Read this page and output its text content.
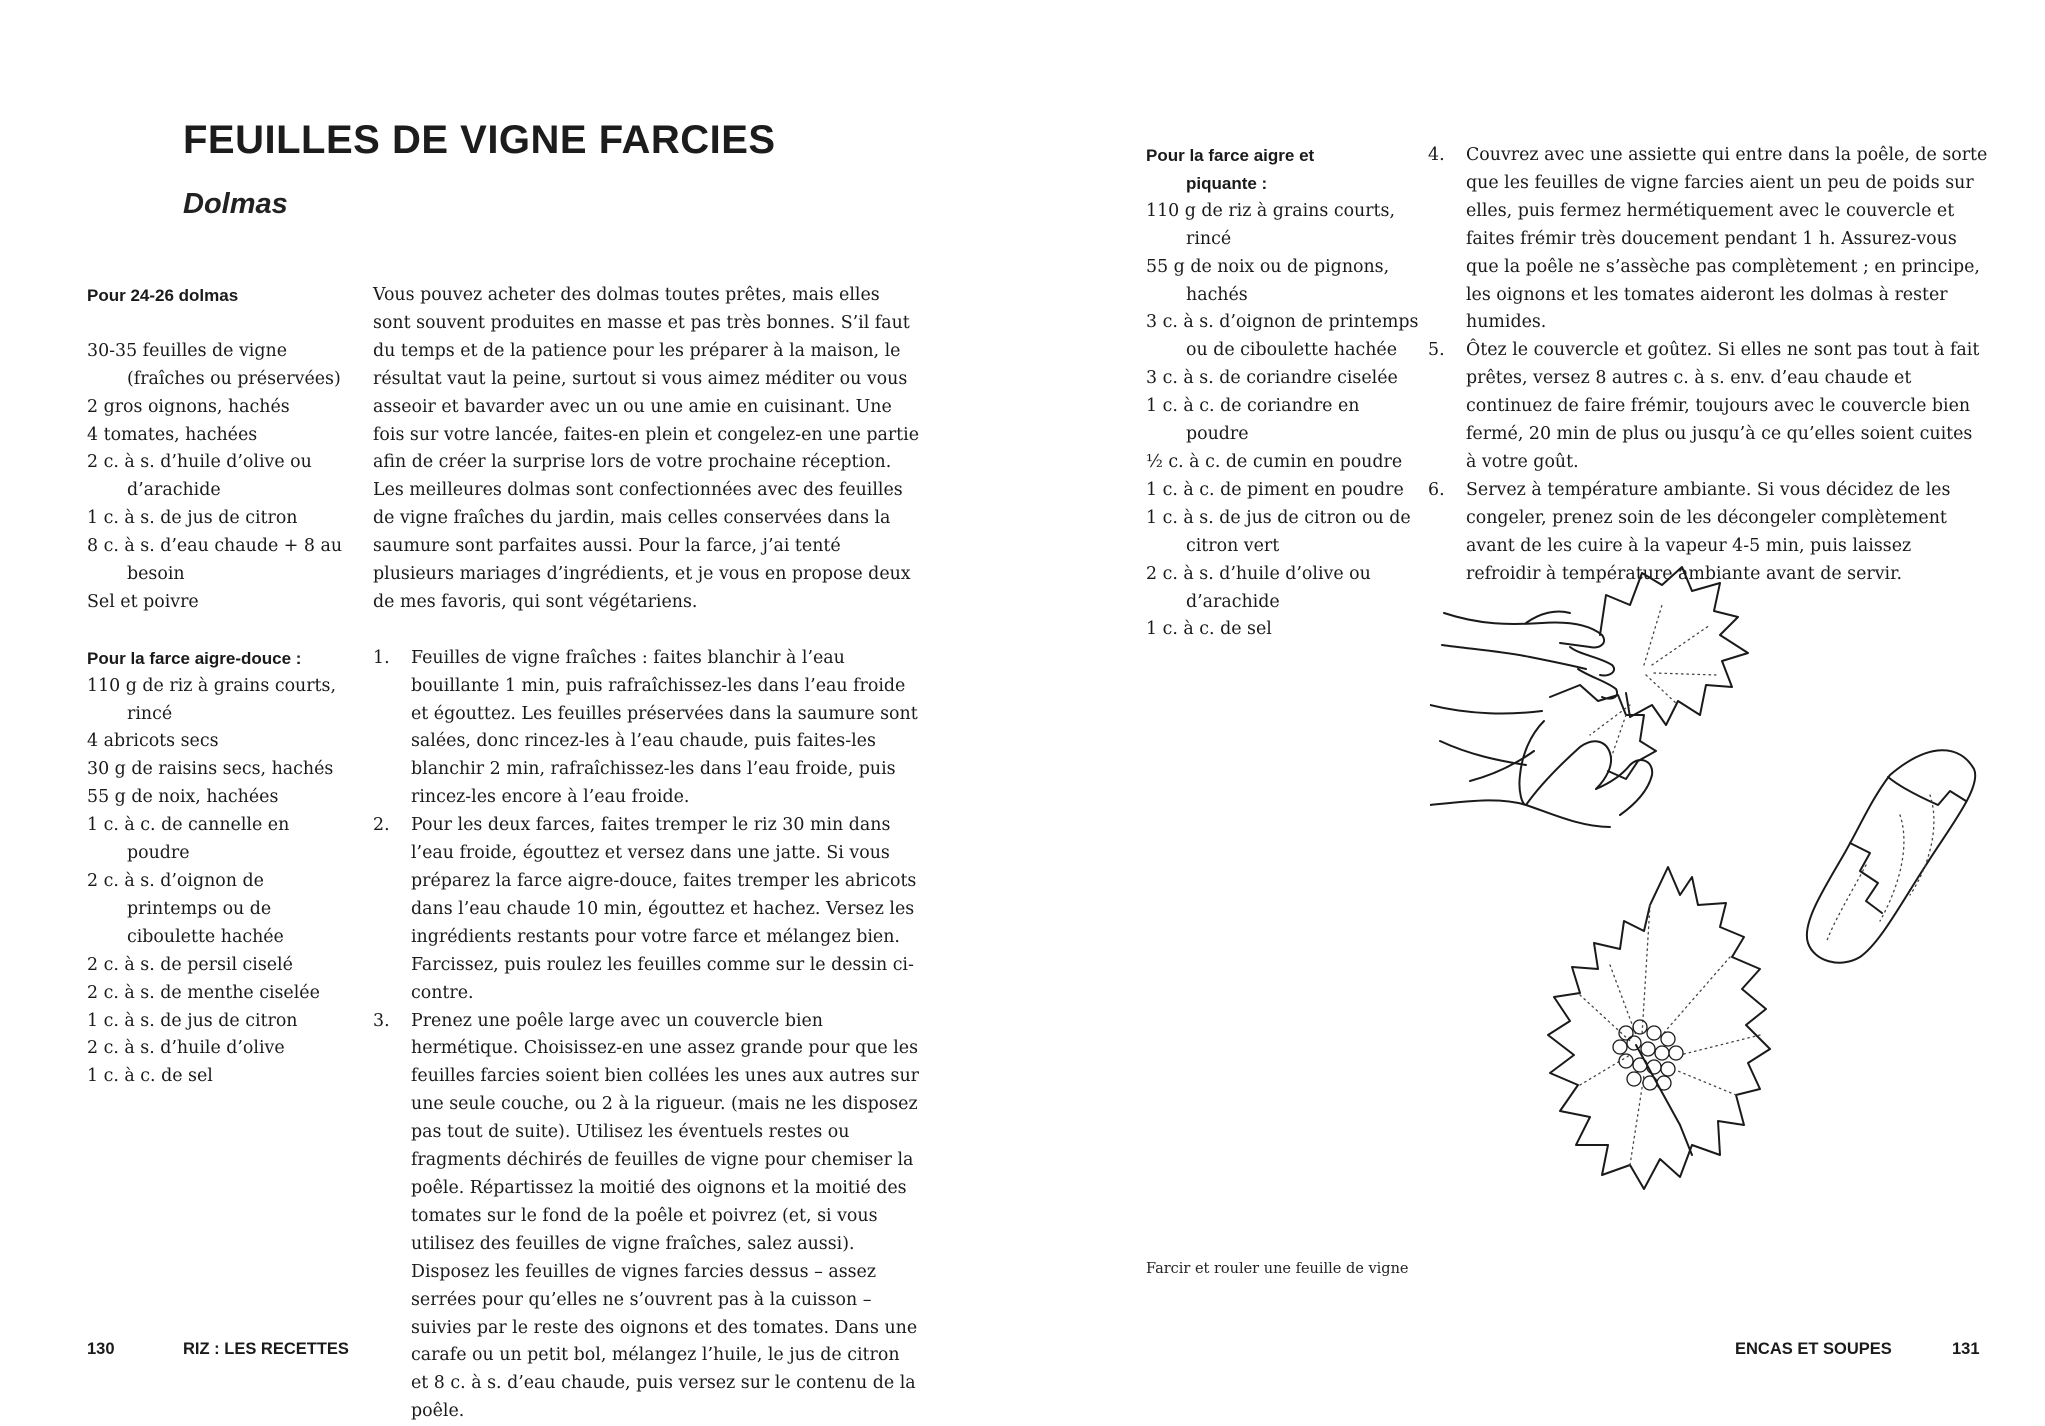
FEUILLES DE VIGNE FARCIES
Dolmas

Pour 24-26 dolmas

30-35 feuilles de vigne (fraîches ou préservées)

2 gros oignons, hachés

4 tomates, hachées

2 c. à s. d’huile d’olive ou d’arachide

1 c. à s. de jus de citron

8 c. à s. d’eau chaude + 8 au besoin

Sel et poivre

Pour la farce aigre-douce :

110 g de riz à grains courts, rincé

4 abricots secs

30 g de raisins secs, hachés

55 g de noix, hachées

1 c. à c. de cannelle en poudre

2 c. à s. d’oignon de printemps ou de ciboulette hachée

2 c. à s. de persil ciselé

2 c. à s. de menthe ciselée

1 c. à s. de jus de citron

2 c. à s. d’huile d’olive

1 c. à c. de sel

Vous pouvez acheter des dolmas toutes prêtes, mais elles sont souvent produites en masse et pas très bonnes. S’il faut du temps et de la patience pour les préparer à la maison, le résultat vaut la peine, surtout si vous aimez méditer ou vous asseoir et bavarder avec un ou une amie en cuisinant. Une fois sur votre lancée, faites-en plein et congelez-en une partie afin de créer la surprise lors de votre prochaine réception. Les meilleures dolmas sont confectionnées avec des feuilles de vigne fraîches du jardin, mais celles conservées dans la saumure sont parfaites aussi. Pour la farce, j’ai tenté plusieurs mariages d’ingrédients, et je vous en propose deux de mes favoris, qui sont végétariens.

1. Feuilles de vigne fraîches : faites blanchir à l’eau bouillante 1 min, puis rafraîchissez-les dans l’eau froide et égouttez. Les feuilles préservées dans la saumure sont salées, donc rincez-les à l’eau chaude, puis faites-les blanchir 2 min, rafraîchissez-les dans l’eau froide, puis rincez-les encore à l’eau froide.
2. Pour les deux farces, faites tremper le riz 30 min dans l’eau froide, égouttez et versez dans une jatte. Si vous préparez la farce aigre-douce, faites tremper les abricots dans l’eau chaude 10 min, égouttez et hachez. Versez les ingrédients restants pour votre farce et mélangez bien. Farcissez, puis roulez les feuilles comme sur le dessin ci-contre.
3. Prenez une poêle large avec un couvercle bien hermétique. Choisissez-en une assez grande pour que les feuilles farcies soient bien collées les unes aux autres sur une seule couche, ou 2 à la rigueur. (mais ne les disposez pas tout de suite). Utilisez les éventuels restes ou fragments déchirés de feuilles de vigne pour chemiser la poêle. Répartissez la moitié des oignons et la moitié des tomates sur le fond de la poêle et poivrez (et, si vous utilisez des feuilles de vigne fraîches, salez aussi). Disposez les feuilles de vignes farcies dessus – assez serrées pour qu’elles ne s’ouvrent pas à la cuisson – suivies par le reste des oignons et des tomates. Dans une carafe ou un petit bol, mélangez l’huile, le jus de citron et 8 c. à s. d’eau chaude, puis versez sur le contenu de la poêle.
130	RIZ : LES RECETTES

Pour la farce aigre et piquante :

110 g de riz à grains courts, rincé

55 g de noix ou de pignons, hachés

3 c. à s. d’oignon de printemps ou de ciboulette hachée

3 c. à s. de coriandre ciselée

1 c. à c. de coriandre en poudre

½ c. à c. de cumin en poudre

1 c. à c. de piment en poudre

1 c. à s. de jus de citron ou de citron vert

2 c. à s. d’huile d’olive ou d’arachide

1 c. à c. de sel

4. Couvrez avec une assiette qui entre dans la poêle, de sorte que les feuilles de vigne farcies aient un peu de poids sur elles, puis fermez hermétiquement avec le couvercle et faites frémir très doucement pendant 1 h. Assurez-vous que la poêle ne s’assèche pas complètement ; en principe, les oignons et les tomates aideront les dolmas à rester humides.
5. Ôtez le couvercle et goûtez. Si elles ne sont pas tout à fait prêtes, versez 8 autres c. à s. env. d’eau chaude et continuez de faire frémir, toujours avec le couvercle bien fermé, 20 min de plus ou jusqu’à ce qu’elles soient cuites à votre goût.
6. Servez à température ambiante. Si vous décidez de les congeler, prenez soin de les décongeler complètement avant de les cuire à la vapeur 4-5 min, puis laissez refroidir à température ambiante avant de servir.
Farcir et rouler une feuille de vigne
ENCAS ET SOUPES	131
